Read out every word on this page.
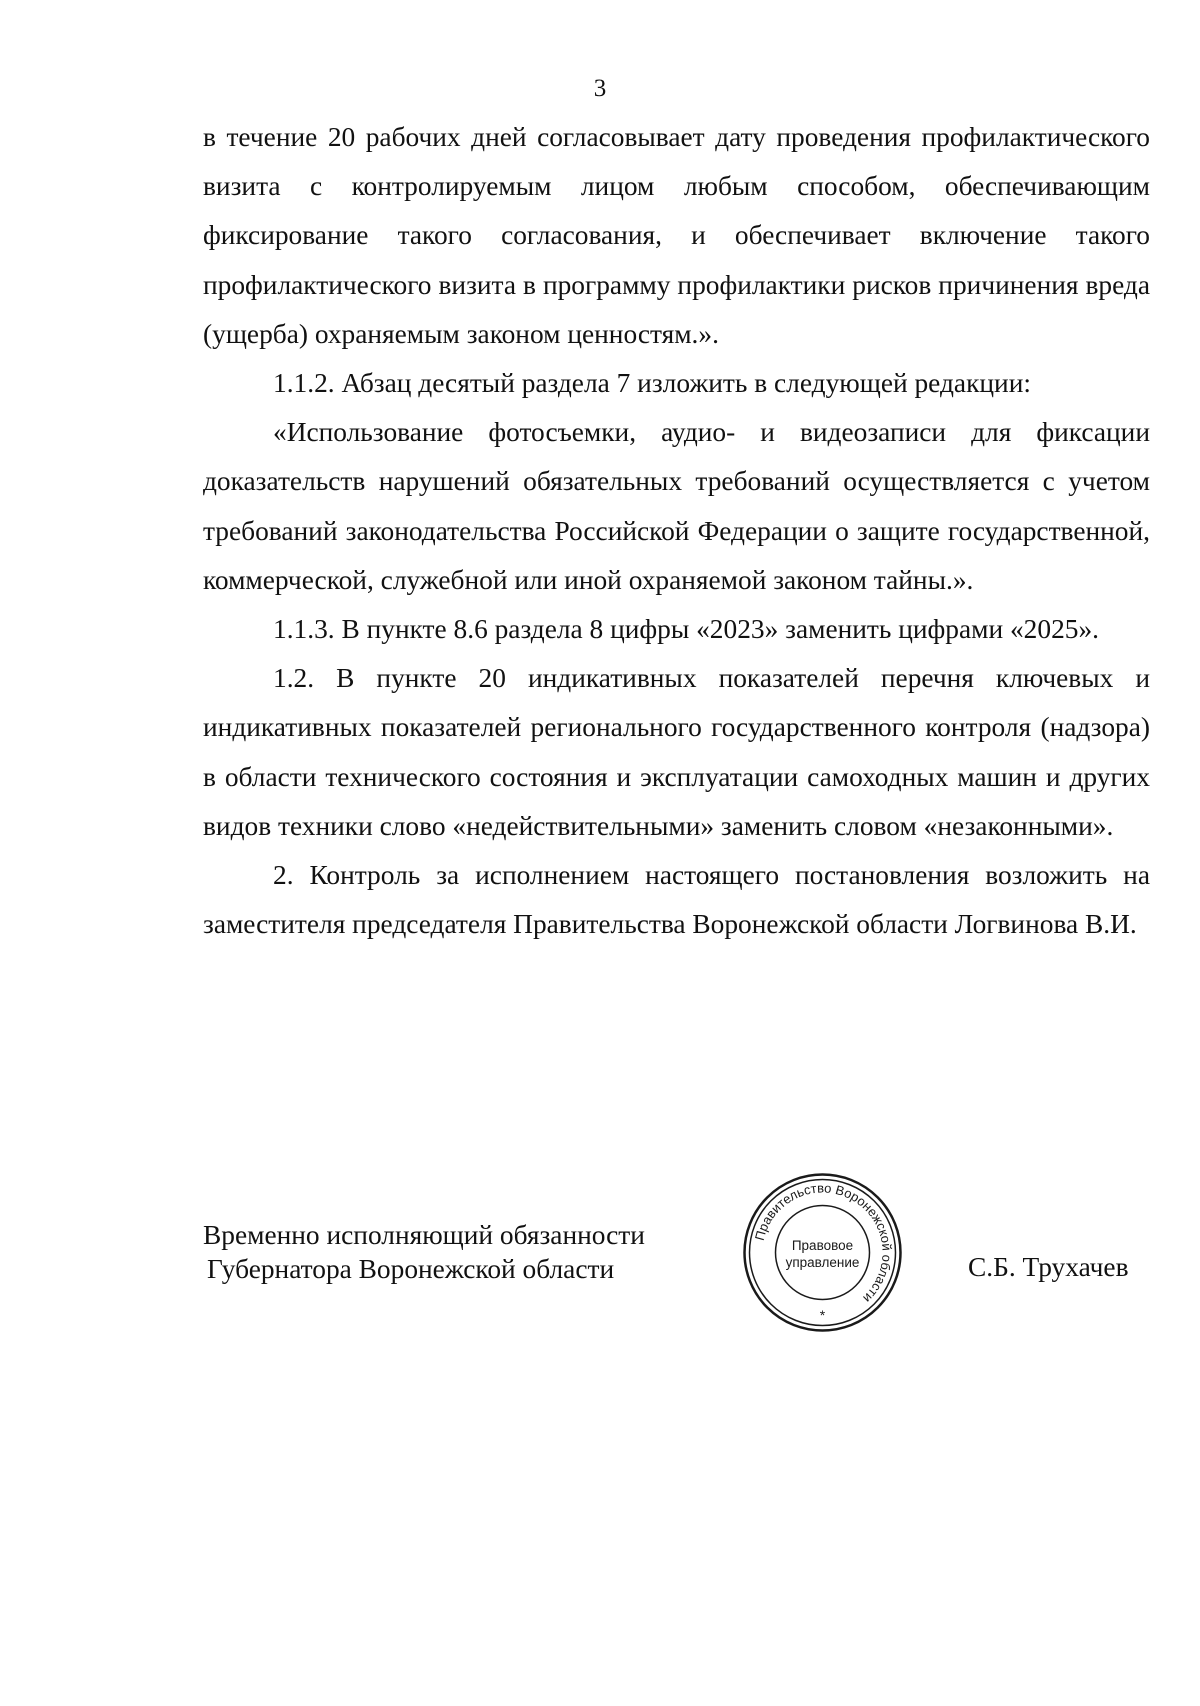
3

в течение 20 рабочих дней согласовывает дату проведения профилактического визита с контролируемым лицом любым способом, обеспечивающим фиксирование такого согласования, и обеспечивает включение такого профилактического визита в программу профилактики рисков причинения вреда (ущерба) охраняемым законом ценностям.».

1.1.2. Абзац десятый раздела 7 изложить в следующей редакции:

«Использование фотосъемки, аудио- и видеозаписи для фиксации доказательств нарушений обязательных требований осуществляется с учетом требований законодательства Российской Федерации о защите государственной, коммерческой, служебной или иной охраняемой законом тайны.».

1.1.3. В пункте 8.6 раздела 8 цифры «2023» заменить цифрами «2025».

1.2. В пункте 20 индикативных показателей перечня ключевых и индикативных показателей регионального государственного контроля (надзора) в области технического состояния и эксплуатации самоходных машин и других видов техники слово «недействительными» заменить словом «незаконными».

2. Контроль за исполнением настоящего постановления возложить на заместителя председателя Правительства Воронежской области Логвинова В.И.

Временно исполняющий обязанности
Губернатора Воронежской области
Правительство Воронежской области
Правовое
управление
*
С.Б. Трухачев
